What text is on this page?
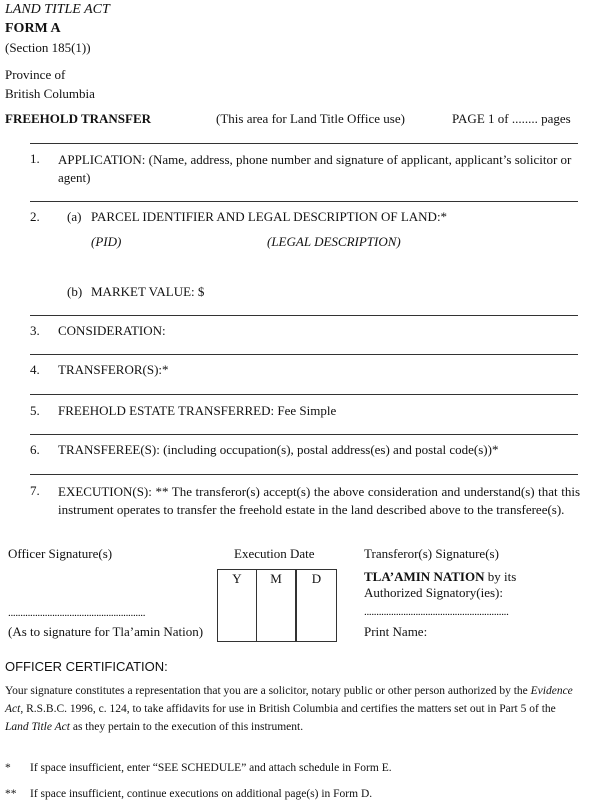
LAND TITLE ACT
FORM A
(Section 185(1))
Province of
British Columbia
FREEHOLD TRANSFER	(This area for Land Title Office use)	PAGE 1 of ........ pages
1. APPLICATION: (Name, address, phone number and signature of applicant, applicant’s solicitor or agent)
2. (a) PARCEL IDENTIFIER AND LEGAL DESCRIPTION OF LAND:*
(PID)	(LEGAL DESCRIPTION)
(b) MARKET VALUE: $
3. CONSIDERATION:
4. TRANSFEROR(S):*
5. FREEHOLD ESTATE TRANSFERRED: Fee Simple
6. TRANSFEREE(S): (including occupation(s), postal address(es) and postal code(s))*
7. EXECUTION(S): ** The transferor(s) accept(s) the above consideration and understand(s) that this instrument operates to transfer the freehold estate in the land described above to the transferee(s).
Officer Signature(s)	Execution Date	Transferor(s) Signature(s)
Y	M	D
........................................................
(As to signature for Tla’amin Nation)
TLA’AMIN NATION by its
Authorized Signatory(ies):
...........................................................
Print Name:
OFFICER CERTIFICATION:
Your signature constitutes a representation that you are a solicitor, notary public or other person authorized by the Evidence Act, R.S.B.C. 1996, c. 124, to take affidavits for use in British Columbia and certifies the matters set out in Part 5 of the Land Title Act as they pertain to the execution of this instrument.
* If space insufficient, enter “SEE SCHEDULE” and attach schedule in Form E.
** If space insufficient, continue executions on additional page(s) in Form D.
